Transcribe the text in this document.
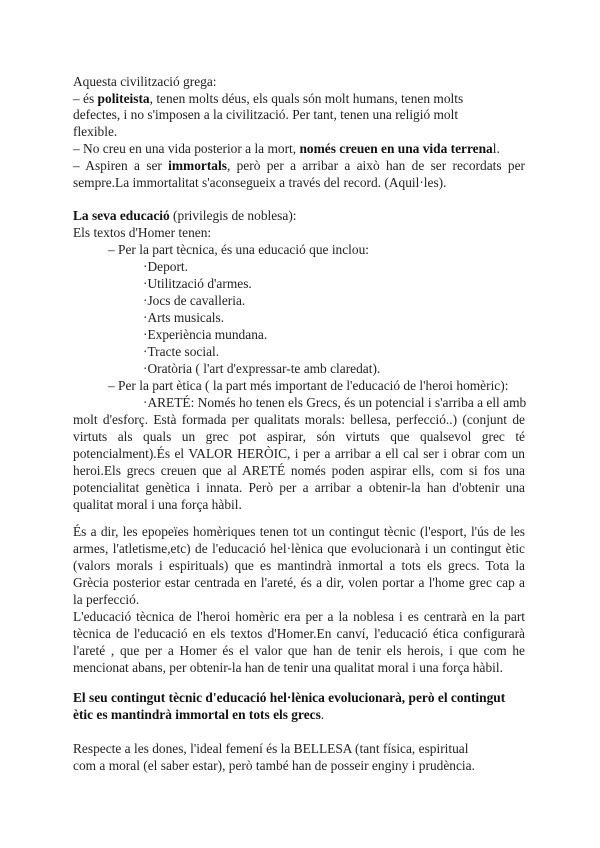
Aquesta civilització grega:
– és politeista, tenen molts déus, els quals són molt humans, tenen molts
defectes, i no s'imposen a la civilització. Per tant, tenen una religió molt
flexible.
– No creu en una vida posterior a la mort, només creuen en una vida terrenal.
– Aspiren a ser immortals, però per a arribar a això han de ser recordats per
sempre.La immortalitat s'aconsegueix a través del record. (Aquil·les).
La seva educació (privilegis de noblesa):
Els textos d'Homer tenen:
– Per la part tècnica, és una educació que inclou:
·Deport.
·Utilització d'armes.
·Jocs de cavalleria.
·Arts musicals.
·Experiència mundana.
·Tracte social.
·Oratòria ( l'art d'expressar-te amb claredat).
– Per la part ètica ( la part més important de l'educació de l'heroi homèric):
·ARETÉ: Només ho tenen els Grecs, és un potencial i s'arriba a ell amb
molt d'esforç. Està formada per qualitats morals: bellesa, perfecció..) (conjunt de
virtuts als quals un grec pot aspirar, són virtuts que qualsevol grec té
potencialment).És el VALOR HERÒIC, i per a arribar a ell cal ser i obrar com un
heroi.Els grecs creuen que al ARETÉ només poden aspirar ells, com si fos una
potencialitat genètica i innata. Però per a arribar a obtenir-la han d'obtenir una
qualitat moral i una força hàbil.
És a dir, les epopeïes homèriques tenen tot un contingut tècnic (l'esport, l'ús de les
armes, l'atletisme,etc) de l'educació hel·lènica que evolucionarà i un contingut ètic
(valors morals i espirituals) que es mantindrà inmortal a tots els grecs. Tota la
Grècia posterior estar centrada en l'areté, és a dir, volen portar a l'home grec cap a
la perfecció.
L'educació tècnica de l'heroi homèric era per a la noblesa i es centrarà en la part
tècnica de l'educació en els textos d'Homer.En canví, l'educació ética configurarà
l'areté , que per a Homer és el valor que han de tenir els herois, i que com he
mencionat abans, per obtenir-la han de tenir una qualitat moral i una força hàbil.
El seu contingut tècnic d'educació hel·lènica evolucionarà, però el contingut
ètic es mantindrà immortal en tots els grecs.
Respecte a les dones, l'ideal femení és la BELLESA (tant física, espiritual
com a moral (el saber estar), però també han de posseir enginy i prudència.
